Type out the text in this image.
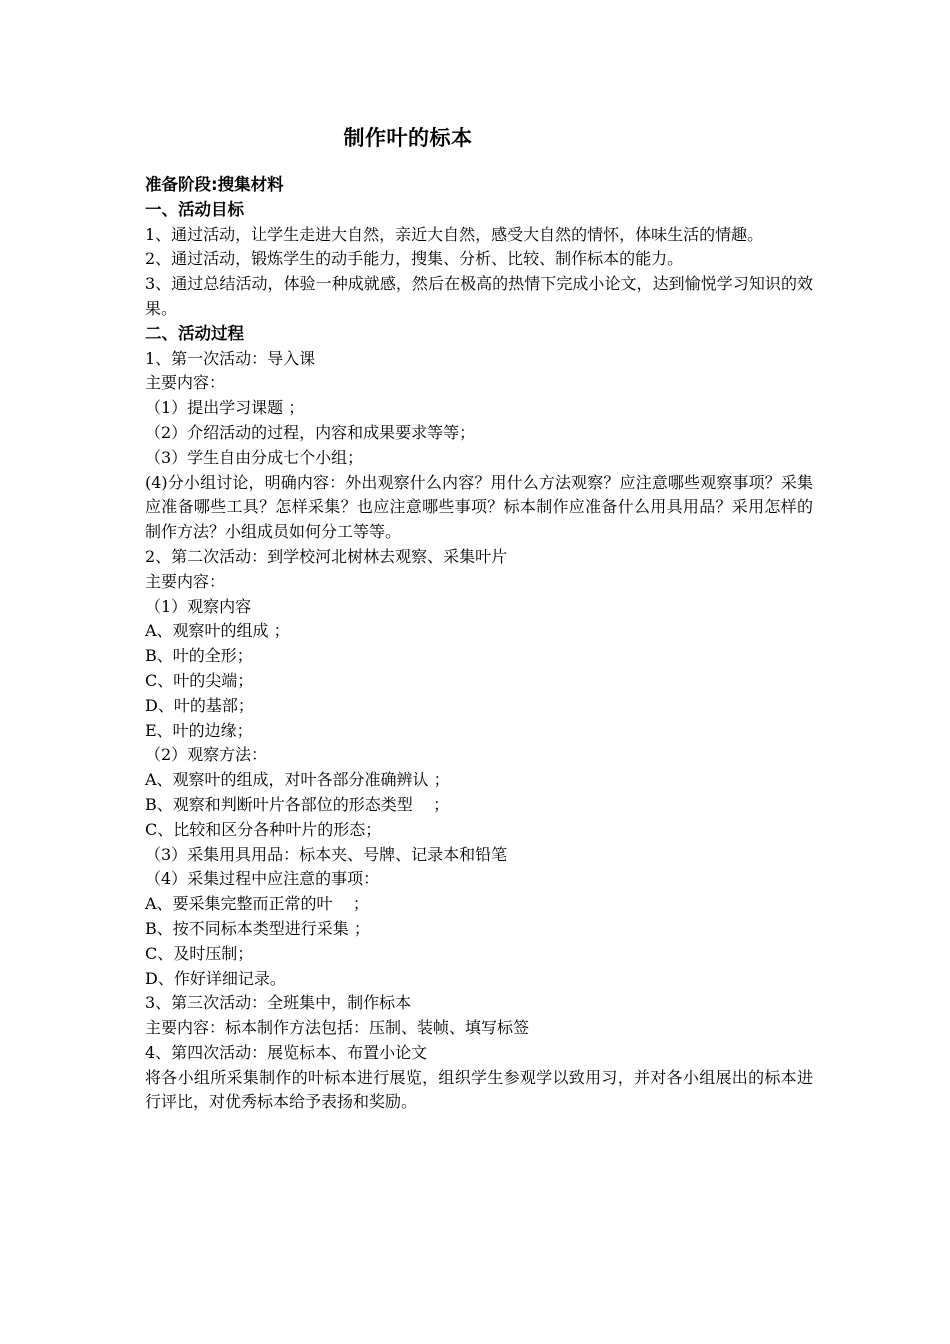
制作叶的标本

准备阶段:搜集材料

一、活动目标

1、通过活动，让学生走进大自然，亲近大自然，感受大自然的情怀，体味生活的情趣。

2、通过活动，锻炼学生的动手能力，搜集、分析、比较、制作标本的能力。

3、通过总结活动，体验一种成就感，然后在极高的热情下完成小论文，达到愉悦学习知识的效果。

二、活动过程

1、第一次活动：导入课

主要内容：

（1）提出学习课题 ；

（2）介绍活动的过程，内容和成果要求等等；

（3）学生自由分成七个小组；

(4)分小组讨论，明确内容：外出观察什么内容？用什么方法观察？应注意哪些观察事项？采集应准备哪些工具？怎样采集？也应注意哪些事项？标本制作应准备什么用具用品？采用怎样的制作方法？小组成员如何分工等等。

2、第二次活动：到学校河北树林去观察、采集叶片

主要内容：

（1）观察内容

A、观察叶的组成 ；

B、叶的全形；

C、叶的尖端；

D、叶的基部；

E、叶的边缘；

（2）观察方法：

A、观察叶的组成，对叶各部分准确辨认 ；

B、观察和判断叶片各部位的形态类型    ；

C、比较和区分各种叶片的形态；

（3）采集用具用品：标本夹、号牌、记录本和铅笔

（4）采集过程中应注意的事项：

A、要采集完整而正常的叶    ；

B、按不同标本类型进行采集 ；

C、及时压制；

D、作好详细记录。

3、第三次活动：全班集中，制作标本

主要内容：标本制作方法包括：压制、装帧、填写标签

4、第四次活动：展览标本、布置小论文

将各小组所采集制作的叶标本进行展览，组织学生参观学以致用习，并对各小组展出的标本进行评比，对优秀标本给予表扬和奖励。
